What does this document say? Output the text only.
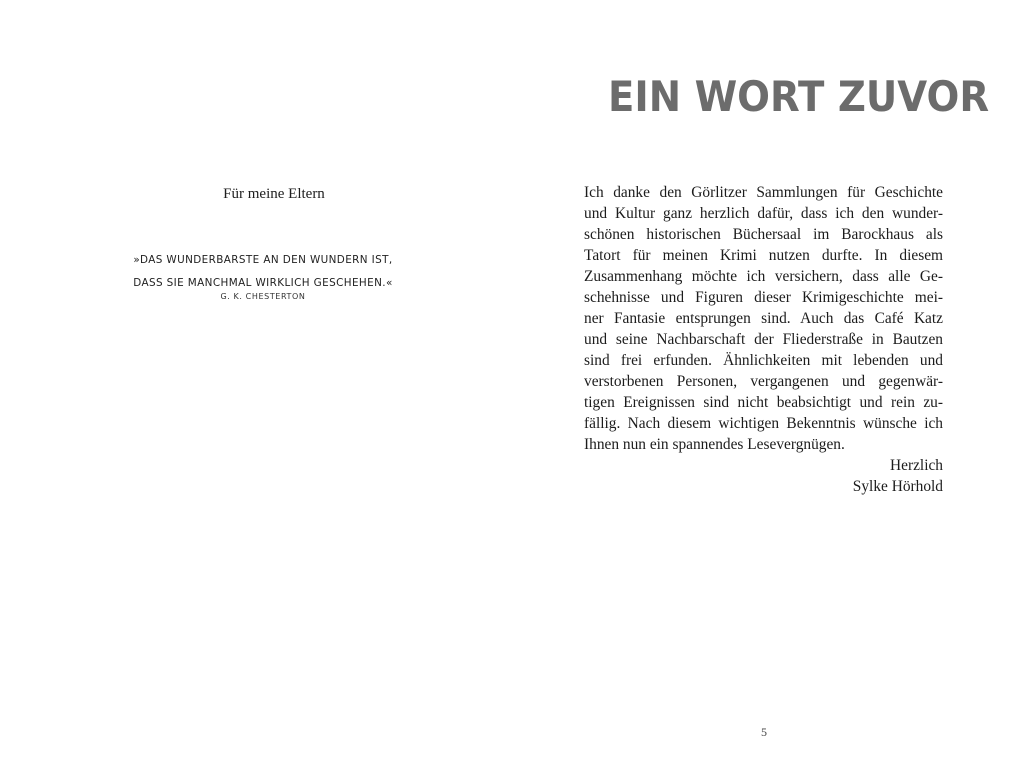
Für meine Eltern
»DAS WUNDERBARSTE AN DEN WUNDERN IST,
DASS SIE MANCHMAL WIRKLICH GESCHEHEN.«
G. K. CHESTERTON
EIN WORT ZUVOR
Ich danke den Görlitzer Sammlungen für Geschichte
und Kultur ganz herzlich dafür, dass ich den wunder-
schönen historischen Büchersaal im Barockhaus als
Tatort für meinen Krimi nutzen durfte. In diesem
Zusammenhang möchte ich versichern, dass alle Ge-
schehnisse und Figuren dieser Krimigeschichte mei-
ner Fantasie entsprungen sind. Auch das Café Katz
und seine Nachbarschaft der Fliederstraße in Bautzen
sind frei erfunden. Ähnlichkeiten mit lebenden und
verstorbenen Personen, vergangenen und gegenwär-
tigen Ereignissen sind nicht beabsichtigt und rein zu-
fällig. Nach diesem wichtigen Bekenntnis wünsche ich
Ihnen nun ein spannendes Lesevergnügen.
Herzlich
Sylke Hörhold
5
